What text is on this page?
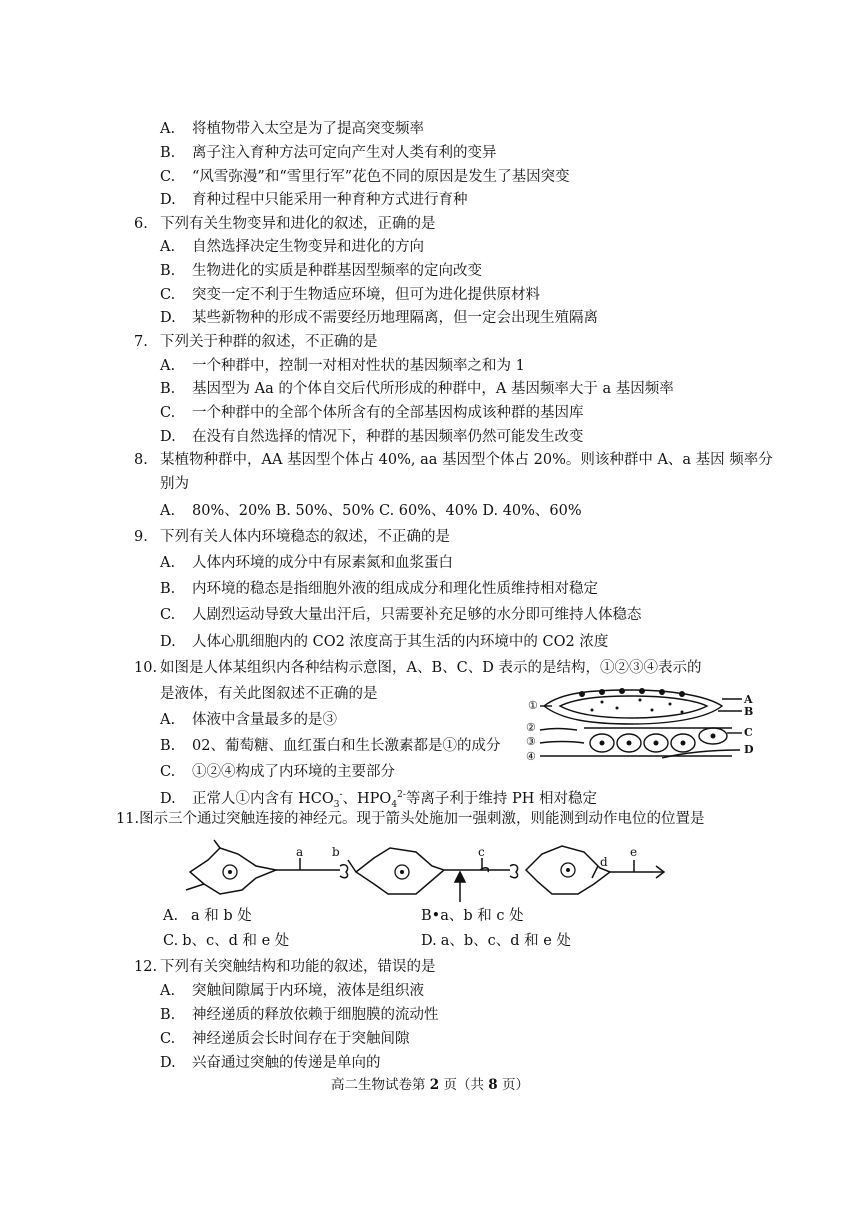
A. 将植物带入太空是为了提高突变频率
B. 离子注入育种方法可定向产生对人类有利的变异
C. “风雪弥漫”和“雪里行军”花色不同的原因是发生了基因突变
D. 育种过程中只能采用一种育种方式进行育种
6. 下列有关生物变异和进化的叙述，正确的是
A. 自然选择决定生物变异和进化的方向
B. 生物进化的实质是种群基因型频率的定向改变
C. 突变一定不利于生物适应环境，但可为进化提供原材料
D. 某些新物种的形成不需要经历地理隔离，但一定会出现生殖隔离
7. 下列关于种群的叙述，不正确的是
A. 一个种群中，控制一对相对性状的基因频率之和为 1
B. 基因型为 Aa 的个体自交后代所形成的种群中，A 基因频率大于 a 基因频率
C. 一个种群中的全部个体所含有的全部基因构成该种群的基因库
D. 在没有自然选择的情况下，种群的基因频率仍然可能发生改变
8. 某植物种群中，AA 基因型个体占 40%, aa 基因型个体占 20%。则该种群中 A、a 基因 频率分
别为
A. 80%、20% B. 50%、50% C. 60%、40% D. 40%、60%
9. 下列有关人体内环境稳态的叙述，不正确的是
A. 人体内环境的成分中有尿素氮和血浆蛋白
B. 内环境的稳态是指细胞外液的组成成分和理化性质维持相对稳定
C. 人剧烈运动导致大量出汗后，只需要补充足够的水分即可维持人体稳态
D. 人体心肌细胞内的 CO2 浓度高于其生活的内环境中的 CO2 浓度
10. 如图是人体某组织内各种结构示意图，A、B、C、D 表示的是结构，①②③④表示的
是液体，有关此图叙述不正确的是
A. 体液中含量最多的是③
B. 02、葡萄糖、血红蛋白和生长激素都是①的成分
C. ①②④构成了内环境的主要部分
D. 正常人①内含有 $HCO_3^-$、$HPO_4^{2-}$等离子利于维持 PH 相对稳定
①
②
③
④
A
B
C
D
11.图示三个通过突触连接的神经元。现于箭头处施加一强刺激，则能测到动作电位的位置是
a b	c
d
e
A. a 和 b 处	B•a、b 和 c 处
C. b、c、d 和 e 处	D. a、b、c、d 和 e 处
12. 下列有关突触结构和功能的叙述，错误的是
A. 突触间隙属于内环境，液体是组织液
B. 神经递质的释放依赖于细胞膜的流动性
C. 神经递质会长时间存在于突触间隙
D. 兴奋通过突触的传递是单向的
高二生物试卷第 2 页（共 8 页）
